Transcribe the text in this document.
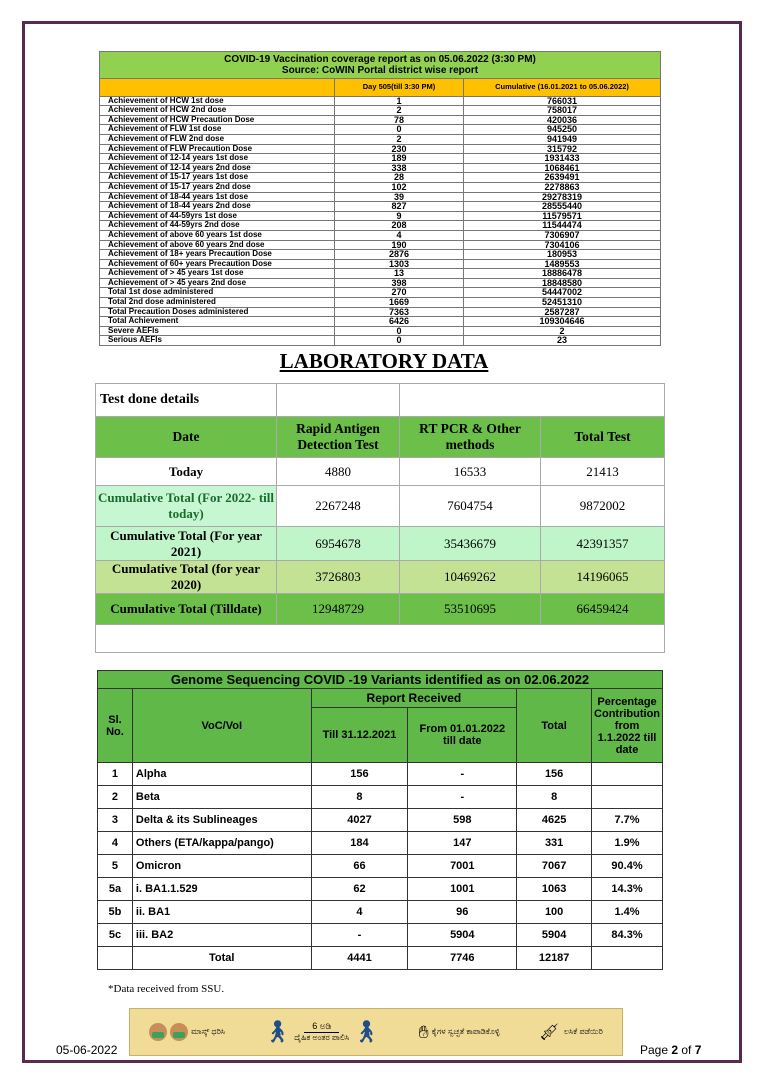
COVID-19 Vaccination coverage report as on 05.06.2022 (3:30 PM)
Source: CoWIN Portal district wise report		

	Day 505(till 3:30 PM)	Cumulative (16.01.2021 to 05.06.2022)
Achievement of HCW 1st dose	1	766031
Achievement of HCW 2nd dose	2	758017
Achievement of HCW Precaution Dose	78	420036
Achievement of FLW 1st dose	0	945250
Achievement of FLW 2nd dose	2	941949
Achievement of FLW Precaution Dose	230	315792
Achievement of 12-14 years 1st dose	189	1931433
Achievement of 12-14 years 2nd dose	338	1068461
Achievement of 15-17 years 1st dose	28	2639491
Achievement of 15-17 years 2nd dose	102	2278863
Achievement of 18-44 years 1st dose	39	29278319
Achievement of 18-44 years 2nd dose	827	28555440
Achievement of 44-59yrs 1st dose	9	11579571
Achievement of 44-59yrs 2nd dose	208	11544474
Achievement of above 60 years 1st dose	4	7306907
Achievement of above 60 years 2nd dose	190	7304106
Achievement of 18+ years Precaution Dose	2876	180953
Achievement of 60+ years Precaution Dose	1303	1489553
Achievement of > 45 years 1st dose	13	18886478
Achievement of > 45 years 2nd dose	398	18848580
Total 1st dose administered	270	54447002
Total 2nd dose administered	1669	52451310
Total Precaution Doses administered	7363	2587287
Total Achievement	6426	109304646
Severe AEFIs	0	2
Serious AEFIs	0	23
LABORATORY DATA
Test done details			
Date	Rapid Antigen Detection Test	RT PCR & Other methods	Total Test
Today	4880	16533	21413
Cumulative Total (For 2022- till today)	2267248	7604754	9872002
Cumulative Total (For year 2021)	6954678	35436679	42391357
Cumulative Total (for year 2020)	3726803	10469262	14196065
Cumulative Total (Tilldate)	12948729	53510695	66459424

Genome Sequencing COVID -19 Variants identified as on 02.06.2022					
Sl. No.	VoC/VoI	Report Received		Total	Percentage Contribution from 1.1.2022 till date
		Till 31.12.2021	From 01.01.2022 till date		
1	Alpha	156	-	156	
2	Beta	8	-	8	
3	Delta & its Sublineages	4027	598	4625	7.7%
4	Others (ETA/kappa/pango)	184	147	331	1.9%
5	Omicron	66	7001	7067	90.4%
5a	i. BA1.1.529	62	1001	1063	14.3%
5b	ii. BA1	4	96	100	1.4%
5c	iii. BA2	-	5904	5904	84.3%
	Total	4441	7746	12187	
*Data received from SSU.
ಮಾಸ್ಕ್ ಧರಿಸಿ 🚶︎	6 ಅಡಿ
ದೈಹಿಕ ಅಂತರ ಪಾಲಿಸಿ 🚶︎ ✋︎ ಕೈಗಳ ಸ್ವಚ್ಛತೆ ಕಾಪಾಡಿಕೊಳ್ಳಿ 💉︎ ಲಸಿಕೆ ಪಡೆಯಿರಿ
05-06-2022	Page 2 of 7
